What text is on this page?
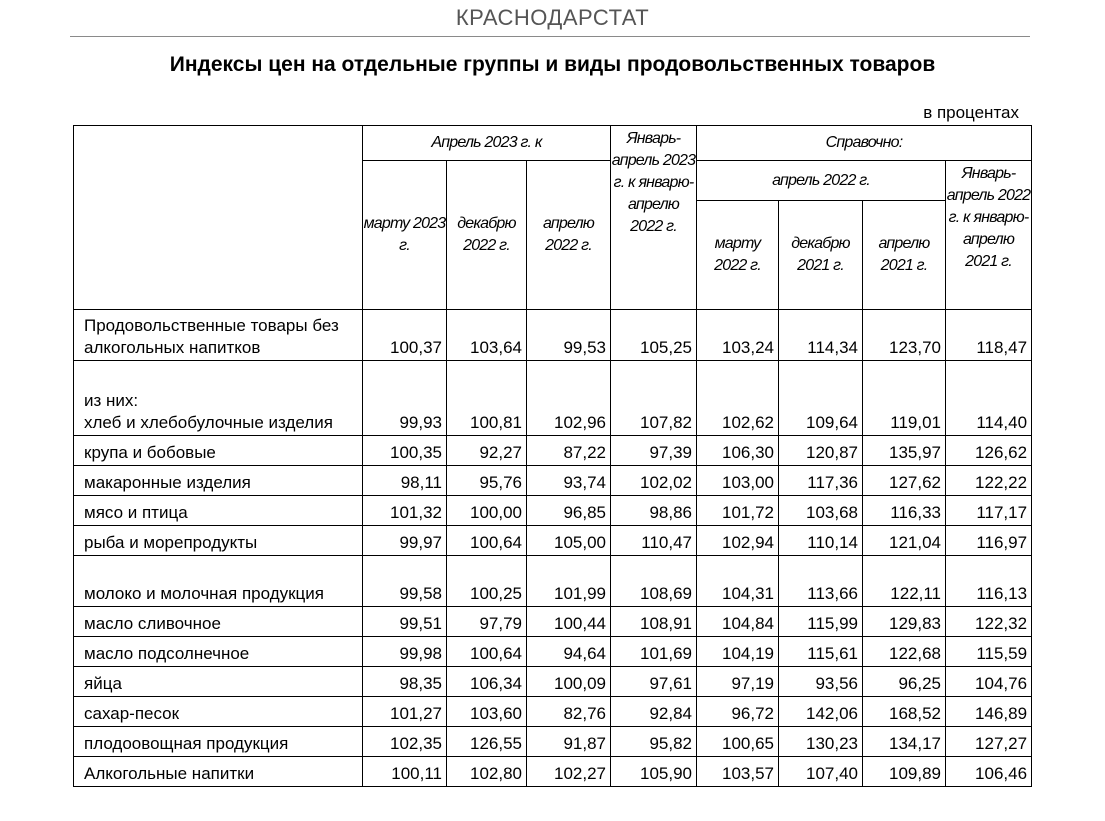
КРАСНОДАРСТАТ
Индексы цен на отдельные группы и виды продовольственных товаров
в процентах
	Апрель 2023 г. к			Январь-апрель 2023 г. к январю-апрелю 2022 г.	Справочно:			
	марту 2023 г.	декабрю 2022 г.	апрелю 2022 г.		апрель 2022 г.			Январь-апрель 2022 г. к январю-апрелю 2021 г.
					марту 2022 г.	декабрю 2021 г.	апрелю 2021 г.	
Продовольственные товары без алкогольных напитков	100,37	103,64	99,53	105,25	103,24	114,34	123,70	118,47
из них:
хлеб и хлебобулочные изделия	99,93	100,81	102,96	107,82	102,62	109,64	119,01	114,40
крупа и бобовые	100,35	92,27	87,22	97,39	106,30	120,87	135,97	126,62
макаронные изделия	98,11	95,76	93,74	102,02	103,00	117,36	127,62	122,22
мясо и птица	101,32	100,00	96,85	98,86	101,72	103,68	116,33	117,17
рыба и морепродукты	99,97	100,64	105,00	110,47	102,94	110,14	121,04	116,97
молоко и молочная продукция	99,58	100,25	101,99	108,69	104,31	113,66	122,11	116,13
масло сливочное	99,51	97,79	100,44	108,91	104,84	115,99	129,83	122,32
масло подсолнечное	99,98	100,64	94,64	101,69	104,19	115,61	122,68	115,59
яйца	98,35	106,34	100,09	97,61	97,19	93,56	96,25	104,76
сахар-песок	101,27	103,60	82,76	92,84	96,72	142,06	168,52	146,89
плодоовощная продукция	102,35	126,55	91,87	95,82	100,65	130,23	134,17	127,27
Алкогольные напитки	100,11	102,80	102,27	105,90	103,57	107,40	109,89	106,46
